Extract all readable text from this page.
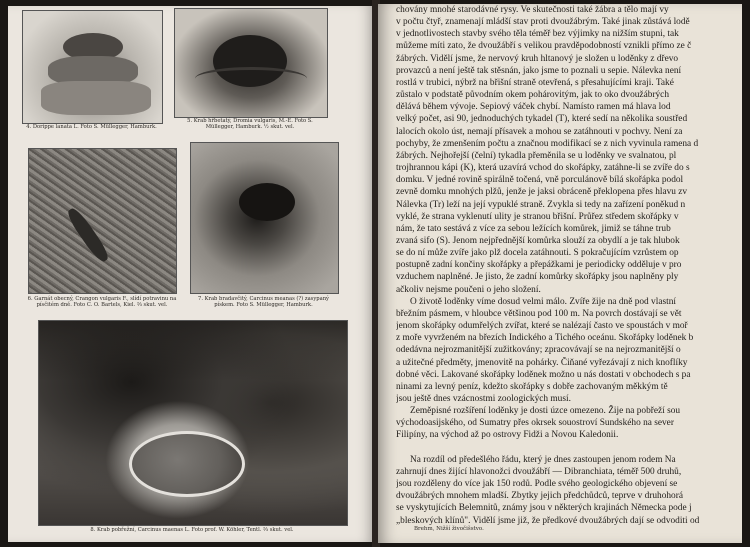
4. Dorippe lanata L. Foto S. Müllegger, Hamburk.
5. Krab hřbetatý, Dromia vulgaris, M.-E. Foto S. Müllegger, Hamburk. ½ skut. vel.
6. Garnát obecný, Crangon vulgaris F., slídí potravinu na písčitém dně. Foto C. O. Bartels, Kiel. ⅔ skut. vel.
7. Krab bradavčitý, Carcinus meanas (?) zasypaný pískem. Foto S. Müllegger, Hamburk.
8. Krab pobřežní, Carcinus maenas L. Foto prof. W. Köhler, Tentl. ⅔ skut. vel.

chovány mnohé starodávné rysy. Ve skutečnosti také žábra a tělo mají vy

v počtu čtyř, znamenají mládší stav proti dvoužábrým. Také jinak zůstává lodě

v jednotlivostech stavby svého těla téměř bez výjimky na nižším stupni, tak

můžeme míti zato, že dvoužábří s velikou pravděpodobností vznikli přímo ze č

žábrých. Vidělí jsme, že nervový kruh hltanový je složen u loděnky z dřevo

provazců a není ještě tak stěsnán, jako jsme to poznali u sepie. Nálevka není

rostlá v trubici, nýbrž na břišní straně otevřená, s přesahujícími kraji. Také

zůstalo v podstatě původním okem pohárovitým, jak to oko dvoužábrých

dělává během vývoje. Sepiový váček chybí. Namísto ramen má hlava lod

velký počet, asi 90, jednoduchých tykadel (T), které sedí na několika soustřed

lalocích okolo úst, nemají přísavek a mohou se zatáhnouti v pochvy. Není za

pochyby, že zmenšením počtu a značnou modifikací se z nich vyvinula ramena d

žábrých. Nejhořejší (čelní) tykadla přeměnila se u loděnky ve svalnatou, pl

trojhrannou kápi (K), která uzavírá vchod do skořápky, zatáhne-li se zvíře do s

domku. V jedné rovině spirálně točená, vně porculánově bílá skořápka podol

zevně domku mnohých plžů, jenže je jaksi obráceně překlopena přes hlavu zv

Nálevka (Tr) leží na její vypuklé straně. Zvykla si tedy na zařízení poněkud n

vyklé, že strana vyklenutí ulity je stranou břišní. Průřez středem skořápky v

nám, že tato sestává z více za sebou ležících komůrek, jimiž se táhne trub

zvaná sifo (S). Jenom nejpřednější komůrka slouží za obydlí a je tak hlubok

se do ní může zvíře jako plž docela zatáhnouti. S pokračujícím vzrůstem op

postupně zadní končiny skořápky a přepážkami je periodicky odděluje v pro

vzduchem naplněné. Je jisto, že zadní komůrky skořápky jsou naplněny ply

ačkoliv nejsme poučeni o jeho složení.

O životě loděnky víme dosud velmi málo. Zvíře žije na dně pod vlastní

břežním pásmem, v hloubce většinou pod 100 m. Na povrch dostávají se vět

jenom skořápky odumřelých zvířat, které se nalézají často ve spoustách v moř

z moře vyvrženém na březích Indického a Tichého oceánu. Skořápky loděnek b

odedávna nejrozmanitější zužitkovány; zpracovávají se na nejrozmanitější o

a užitečné předměty, jmenovitě na pohárky. Čiňané vyřezávají z nich knoflíky

dobné věci. Lakované skořápky loděnek možno u nás dostati v obchodech s pa

ninami za levný peníz, kdežto skořápky s dobře zachovaným měkkým tě

jsou ještě dnes vzácnostmi zoologických musí.

Zeměpisné rozšíření loděnky je dosti úzce omezeno. Žije na pobřeží sou

východoasijského, od Sumatry přes okrsek souostroví Sundského na sever

Filipíny, na východ až po ostrovy Fidži a Novou Kaledonii.

Na rozdíl od předešlého řádu, který je dnes zastoupen jenom rodem Na

zahrnují dnes žijící hlavonožci dvoužábří — Dibranchiata, téměř 500 druhů,

jsou rozděleny do více jak 150 rodů. Podle svého geologického objevení se

dvoužábrých mnohem mladší. Zbytky jejich předchůdců, teprve v druhohorá

se vyskytujících Belemnitů, známy jsou v některých krajinách Německa pode j

„bleskových klínů". Vidělí jsme již, že předkové dvoužábrých dají se odvoditi od

Brehm, Nižší živočišstvo.
